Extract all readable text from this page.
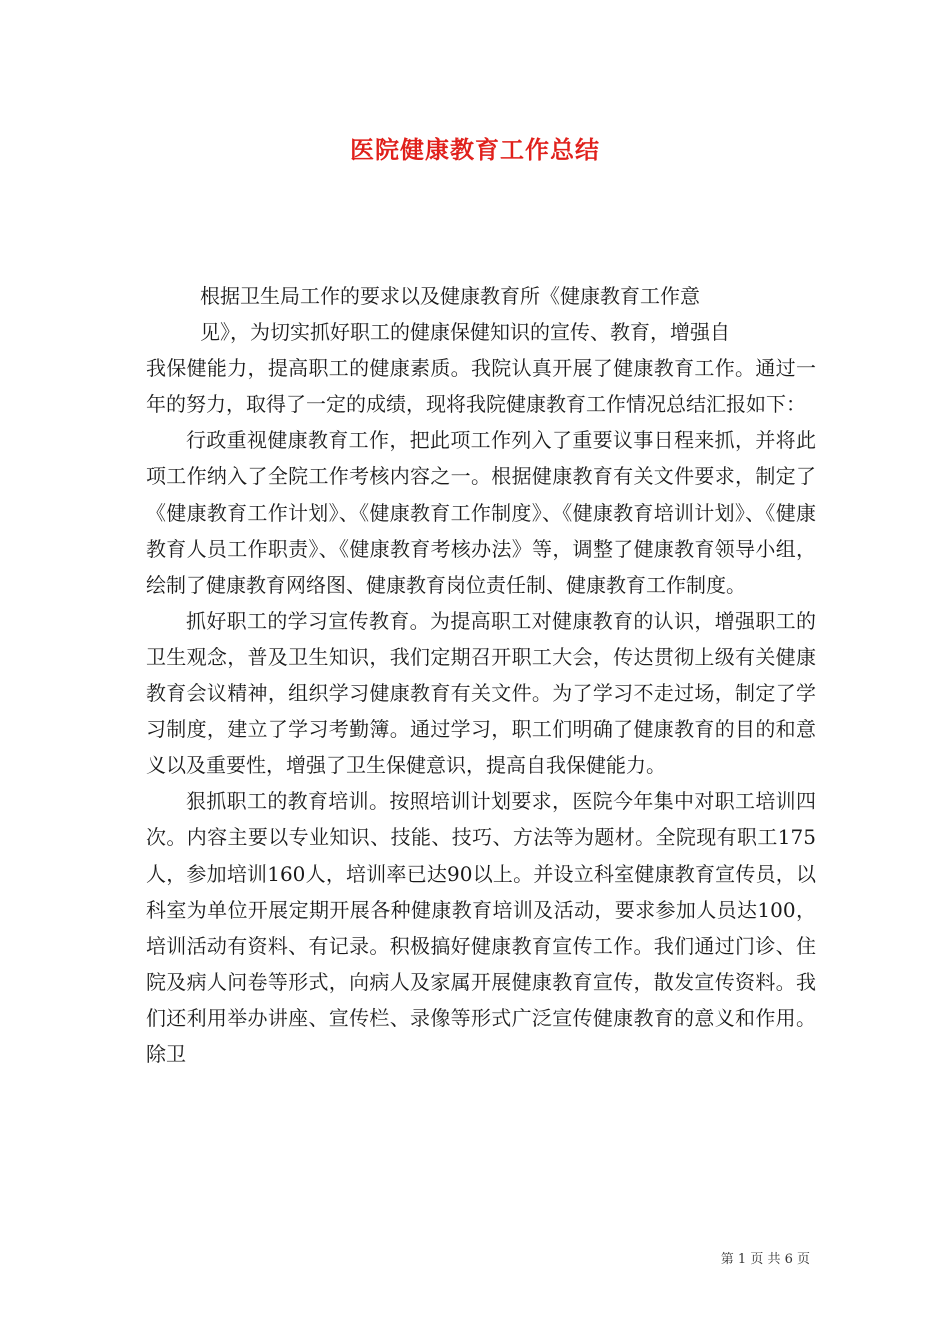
医院健康教育工作总结

根据卫生局工作的要求以及健康教育所《健康教育工作意
见》，为切实抓好职工的健康保健知识的宣传、教育，增强自
我保健能力，提高职工的健康素质。我院认真开展了健康教育工作。通过一年的努力，取得了一定的成绩，现将我院健康教育工作情况总结汇报如下：

行政重视健康教育工作，把此项工作列入了重要议事日程来抓，并将此项工作纳入了全院工作考核内容之一。根据健康教育有关文件要求，制定了《健康教育工作计划》、《健康教育工作制度》、《健康教育培训计划》、《健康教育人员工作职责》、《健康教育考核办法》等，调整了健康教育领导小组，绘制了健康教育网络图、健康教育岗位责任制、健康教育工作制度。

抓好职工的学习宣传教育。为提高职工对健康教育的认识，增强职工的卫生观念，普及卫生知识，我们定期召开职工大会，传达贯彻上级有关健康教育会议精神，组织学习健康教育有关文件。为了学习不走过场，制定了学习制度，建立了学习考勤簿。通过学习，职工们明确了健康教育的目的和意义以及重要性，增强了卫生保健意识，提高自我保健能力。

狠抓职工的教育培训。按照培训计划要求，医院今年集中对职工培训四次。内容主要以专业知识、技能、技巧、方法等为题材。全院现有职工175人，参加培训160人，培训率已达90以上。并设立科室健康教育宣传员，以科室为单位开展定期开展各种健康教育培训及活动，要求参加人员达100，培训活动有资料、有记录。积极搞好健康教育宣传工作。我们通过门诊、住院及病人问卷等形式，向病人及家属开展健康教育宣传，散发宣传资料。我们还利用举办讲座、宣传栏、录像等形式广泛宣传健康教育的意义和作用。除卫

第 1 页 共 6 页
